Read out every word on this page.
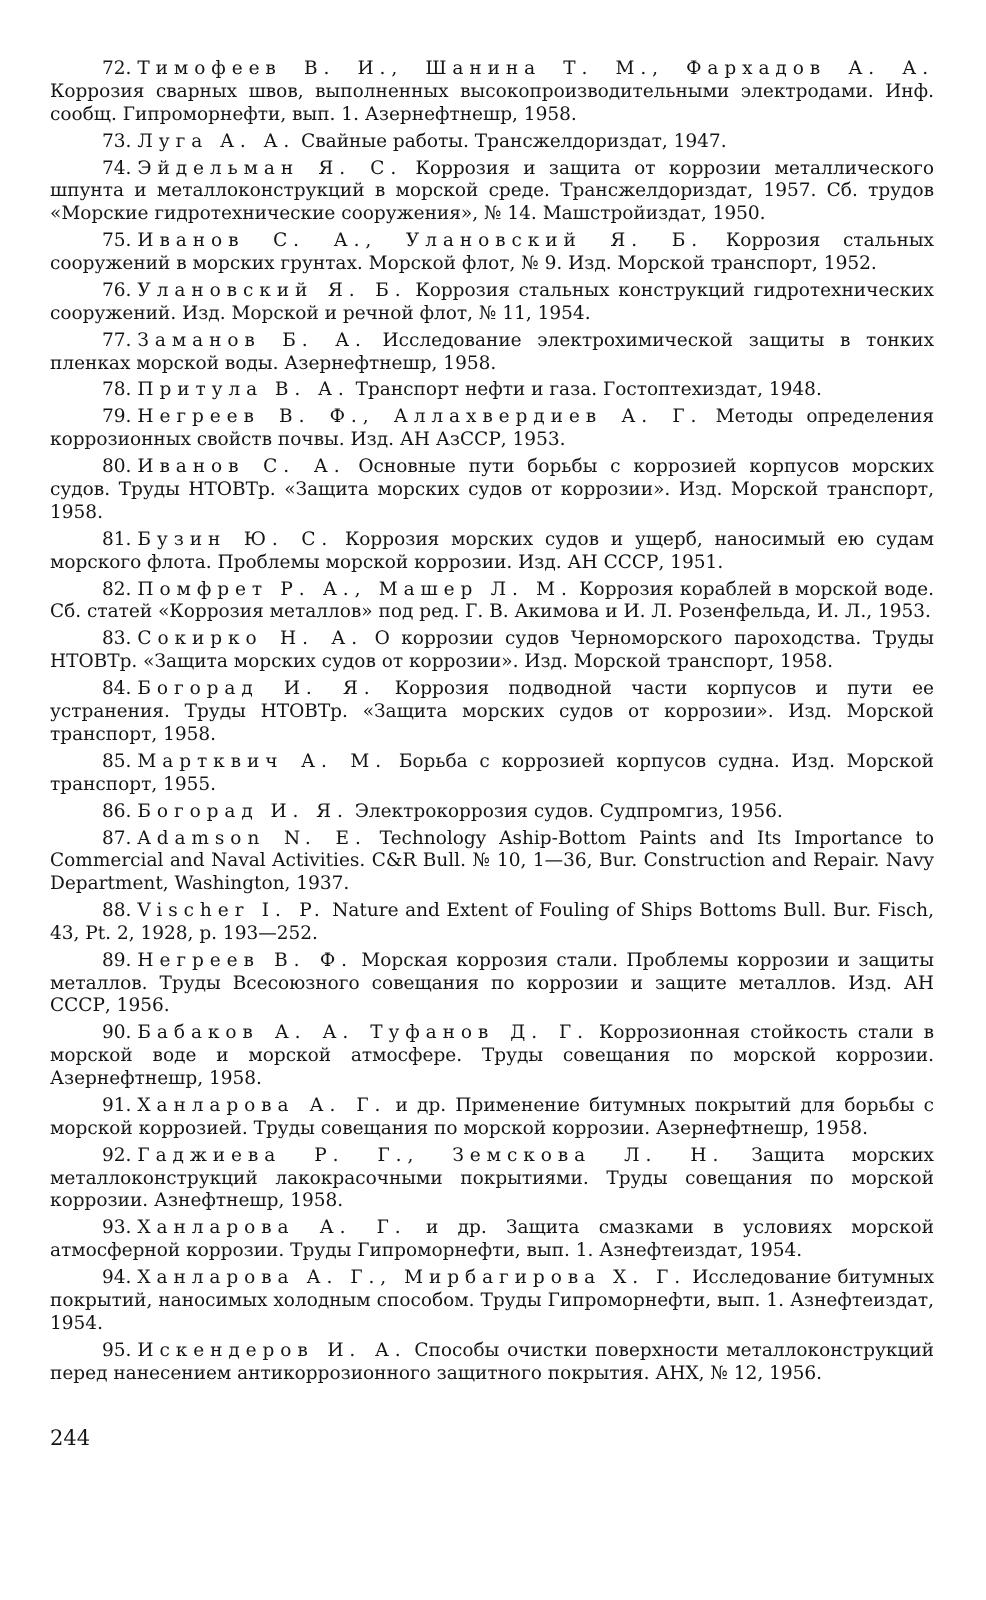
72. Тимофеев В. И., Шанина Т. М., Фархадов А. А. Коррозия сварных швов, выполненных высокопроизводительными электродами. Инф. сообщ. Гипроморнефти, вып. 1. Азернефтнешр, 1958.

73. Луга А. А. Свайные работы. Трансжелдориздат, 1947.

74. Эйдельман Я. С. Коррозия и защита от коррозии металлического шпунта и металлоконструкций в морской среде. Трансжелдориздат, 1957. Сб. трудов «Морские гидротехнические сооружения», № 14. Машстройиздат, 1950.

75. Иванов С. А., Улановский Я. Б. Коррозия стальных сооружений в морских грунтах. Морской флот, № 9. Изд. Морской транспорт, 1952.

76. Улановский Я. Б. Коррозия стальных конструкций гидротехнических сооружений. Изд. Морской и речной флот, № 11, 1954.

77. Заманов Б. А. Исследование электрохимической защиты в тонких пленках морской воды. Азернефтнешр, 1958.

78. Притула В. А. Транспорт нефти и газа. Гостоптехиздат, 1948.

79. Негреев В. Ф., Аллахвердиев А. Г. Методы определения коррозионных свойств почвы. Изд. АН АзССР, 1953.

80. Иванов С. А. Основные пути борьбы с коррозией корпусов морских судов. Труды НТОВТр. «Защита морских судов от коррозии». Изд. Морской транспорт, 1958.

81. Бузин Ю. С. Коррозия морских судов и ущерб, наносимый ею судам морского флота. Проблемы морской коррозии. Изд. АН СССР, 1951.

82. Помфрет Р. А., Машер Л. М. Коррозия кораблей в морской воде. Сб. статей «Коррозия металлов» под ред. Г. В. Акимова и И. Л. Розенфельда, И. Л., 1953.

83. Сокирко Н. А. О коррозии судов Черноморского пароходства. Труды НТОВТр. «Защита морских судов от коррозии». Изд. Морской транспорт, 1958.

84. Богорад И. Я. Коррозия подводной части корпусов и пути ее устранения. Труды НТОВТр. «Защита морских судов от коррозии». Изд. Морской транспорт, 1958.

85. Мартквич А. М. Борьба с коррозией корпусов судна. Изд. Морской транспорт, 1955.

86. Богорад И. Я. Электрокоррозия судов. Судпромгиз, 1956.

87. Adamson N. E. Technology Aship-Bottom Paints and Its Importance to Commercial and Naval Activities. C&R Bull. № 10, 1—36, Bur. Construction and Repair. Navy Department, Washington, 1937.

88. Vischer I. P. Nature and Extent of Fouling of Ships Bottoms Bull. Bur. Fisch, 43, Pt. 2, 1928, p. 193—252.

89. Негреев В. Ф. Морская коррозия стали. Проблемы коррозии и защиты металлов. Труды Всесоюзного совещания по коррозии и защите металлов. Изд. АН СССР, 1956.

90. Бабаков А. А. Туфанов Д. Г. Коррозионная стойкость стали в морской воде и морской атмосфере. Труды совещания по морской коррозии. Азернефтнешр, 1958.

91. Ханларова А. Г. и др. Применение битумных покрытий для борьбы с морской коррозией. Труды совещания по морской коррозии. Азернефтнешр, 1958.

92. Гаджиева Р. Г., Земскова Л. Н. Защита морских металлоконструкций лакокрасочными покрытиями. Труды совещания по морской коррозии. Азнефтнешр, 1958.

93. Ханларова А. Г. и др. Защита смазками в условиях морской атмосферной коррозии. Труды Гипроморнефти, вып. 1. Азнефтеиздат, 1954.

94. Ханларова А. Г., Мирбагирова Х. Г. Исследование битумных покрытий, наносимых холодным способом. Труды Гипроморнефти, вып. 1. Азнефтеиздат, 1954.

95. Искендеров И. А. Способы очистки поверхности металлоконструкций перед нанесением антикоррозионного защитного покрытия. АНХ, № 12, 1956.

244
